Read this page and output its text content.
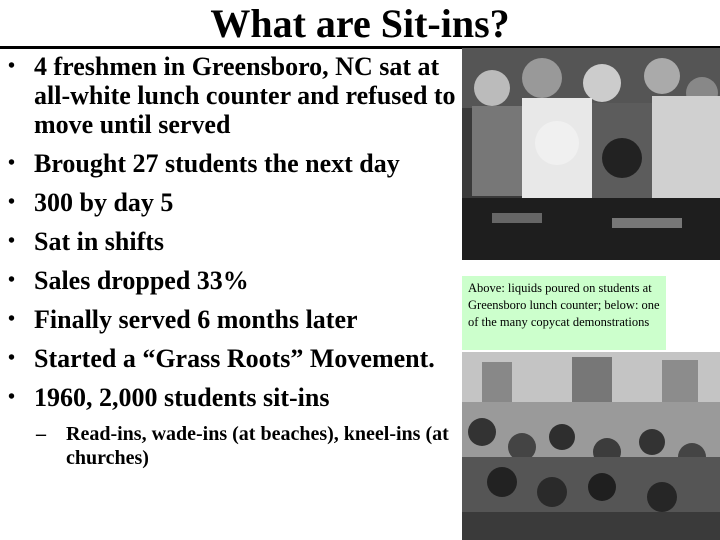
What are Sit-ins?
• 4 freshmen in Greensboro, NC sat at all-white lunch counter and refused to move until served
• Brought 27 students the next day
• 300 by day 5
• Sat in shifts
• Sales dropped 33%
• Finally served 6 months later
• Started a “Grass Roots” Movement.
• 1960, 2,000 students sit-ins
–	Read-ins, wade-ins (at beaches), kneel-ins (at churches)
Above: liquids poured on students at Greensboro lunch counter; below: one of the many copycat demonstrations
